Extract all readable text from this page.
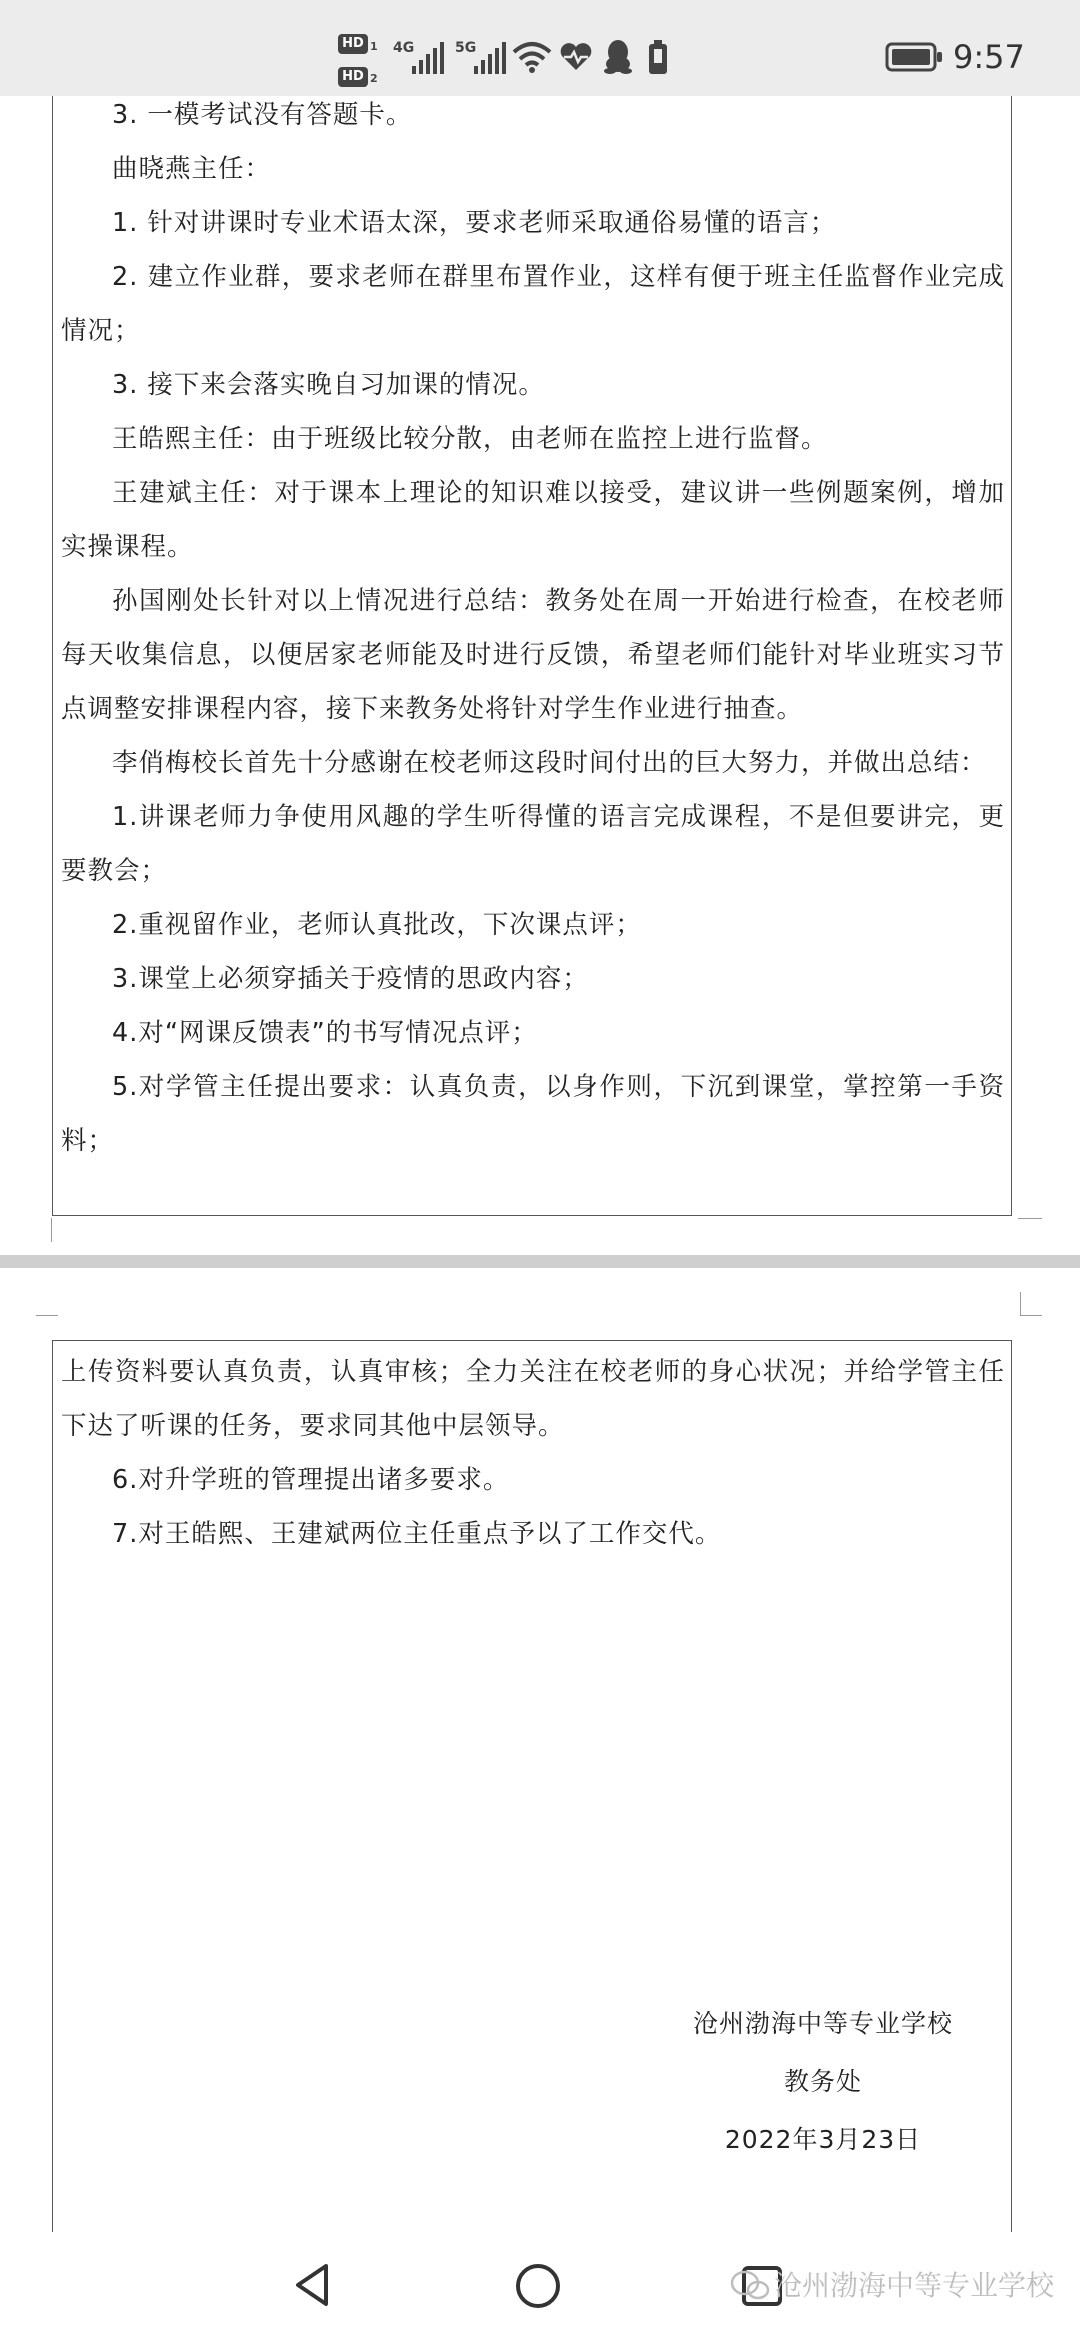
HD 1
HD 2
4G	5G	9:57

3. 一模考试没有答题卡。

曲晓燕主任：

1. 针对讲课时专业术语太深，要求老师采取通俗易懂的语言；

2. 建立作业群，要求老师在群里布置作业，这样有便于班主任监督作业完成情况；

3. 接下来会落实晚自习加课的情况。

王皓熙主任：由于班级比较分散，由老师在监控上进行监督。

王建斌主任：对于课本上理论的知识难以接受，建议讲一些例题案例，增加实操课程。

孙国刚处长针对以上情况进行总结：教务处在周一开始进行检查，在校老师每天收集信息，以便居家老师能及时进行反馈，希望老师们能针对毕业班实习节点调整安排课程内容，接下来教务处将针对学生作业进行抽查。

李俏梅校长首先十分感谢在校老师这段时间付出的巨大努力，并做出总结：

1.讲课老师力争使用风趣的学生听得懂的语言完成课程，不是但要讲完，更要教会；

2.重视留作业，老师认真批改，下次课点评；

3.课堂上必须穿插关于疫情的思政内容；

4.对“网课反馈表”的书写情况点评；

5.对学管主任提出要求：认真负责，以身作则，下沉到课堂，掌控第一手资料；

上传资料要认真负责，认真审核；全力关注在校老师的身心状况；并给学管主任下达了听课的任务，要求同其他中层领导。

6.对升学班的管理提出诸多要求。

7.对王皓熙、王建斌两位主任重点予以了工作交代。

沧州渤海中等专业学校
教务处
2022年3月23日
沧州渤海中等专业学校
